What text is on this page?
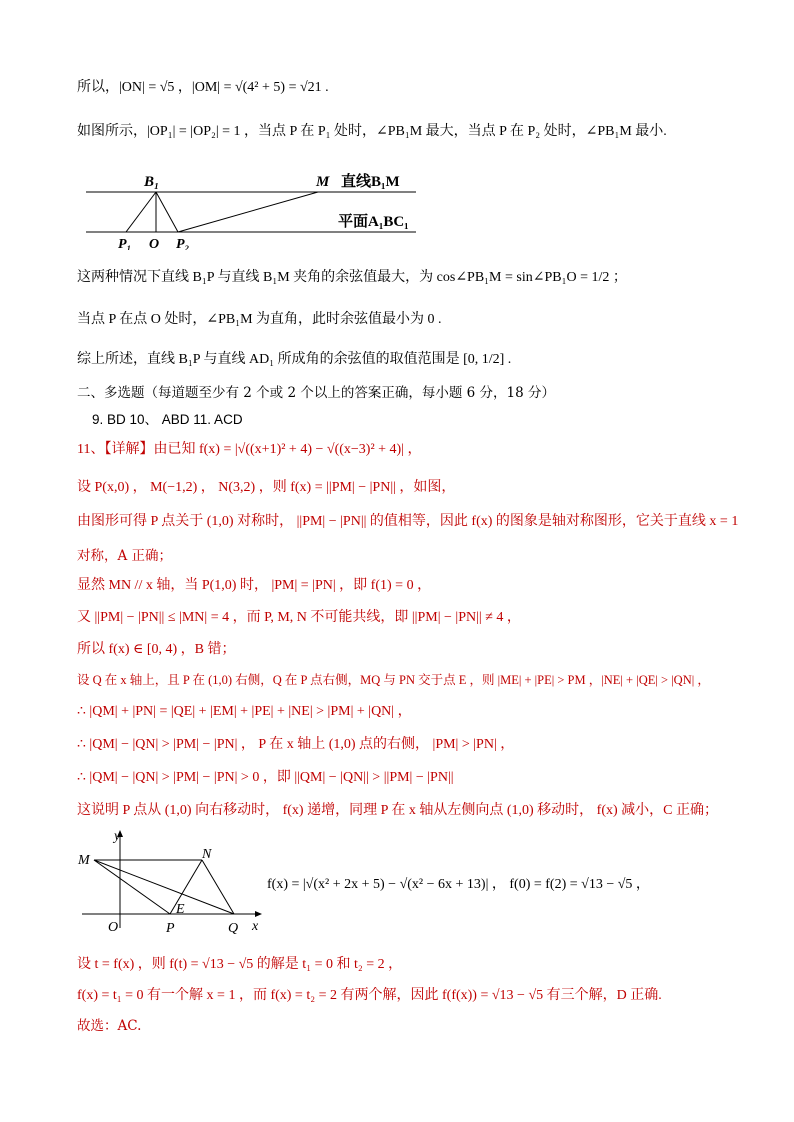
所以，|ON| = √5 ，|OM| = √(4² + 5) = √21 .
如图所示，|OP₁| = |OP₂| = 1 ，当点 P 在 P₁ 处时，∠PB₁M 最大，当点 P 在 P₂ 处时，∠PB₁M 最小.
B₁	M 直线B₁M
平面A₁BC₁
P₁ O P₂
这两种情况下直线 B₁P 与直线 B₁M 夹角的余弦值最大，为 cos∠PB₁M = sin∠PB₁O = 1/2 ；
当点 P 在点 O 处时，∠PB₁M 为直角，此时余弦值最小为 0 .
综上所述，直线 B₁P 与直线 AD₁ 所成角的余弦值的取值范围是 [0, 1/2] .
二、多选题（每道题至少有 2 个或 2 个以上的答案正确，每小题 6 分，18 分）
9. BD 10、 ABD 11. ACD
11、【详解】由已知 f(x) = |√((x+1)² + 4) − √((x−3)² + 4)| ，
设 P(x,0) ， M(−1,2) ， N(3,2) ，则 f(x) = ||PM| − |PN|| ，如图，
由图形可得 P 点关于 (1,0) 对称时， ||PM| − |PN|| 的值相等，因此 f(x) 的图象是轴对称图形，它关于直线 x = 1
对称，A 正确；
显然 MN // x 轴，当 P(1,0) 时， |PM| = |PN| ，即 f(1) = 0 ，
又 ||PM| − |PN|| ≤ |MN| = 4 ，而 P, M, N 不可能共线，即 ||PM| − |PN|| ≠ 4 ，
所以 f(x) ∈ [0, 4) ，B 错；
设 Q 在 x 轴上，且 P 在 (1,0) 右侧，Q 在 P 点右侧，MQ 与 PN 交于点 E ，则 |ME| + |PE| > PM ，|NE| + |QE| > |QN| ，
∴ |QM| + |PN| = |QE| + |EM| + |PE| + |NE| > |PM| + |QN| ，
∴ |QM| − |QN| > |PM| − |PN| ， P 在 x 轴上 (1,0) 点的右侧， |PM| > |PN| ，
∴ |QM| − |QN| > |PM| − |PN| > 0 ，即 ||QM| − |QN|| > ||PM| − |PN||
这说明 P 点从 (1,0) 向右移动时， f(x) 递增，同理 P 在 x 轴从左侧向点 (1,0) 移动时， f(x) 减小，C 正确；
y
x
M	N
E
O	P	Q
f(x) = |√(x² + 2x + 5) − √(x² − 6x + 13)| ， f(0) = f(2) = √13 − √5 ，
设 t = f(x) ，则 f(t) = √13 − √5 的解是 t₁ = 0 和 t₂ = 2 ，
f(x) = t₁ = 0 有一个解 x = 1 ，而 f(x) = t₂ = 2 有两个解，因此 f(f(x)) = √13 − √5 有三个解，D 正确.
故选：AC.
